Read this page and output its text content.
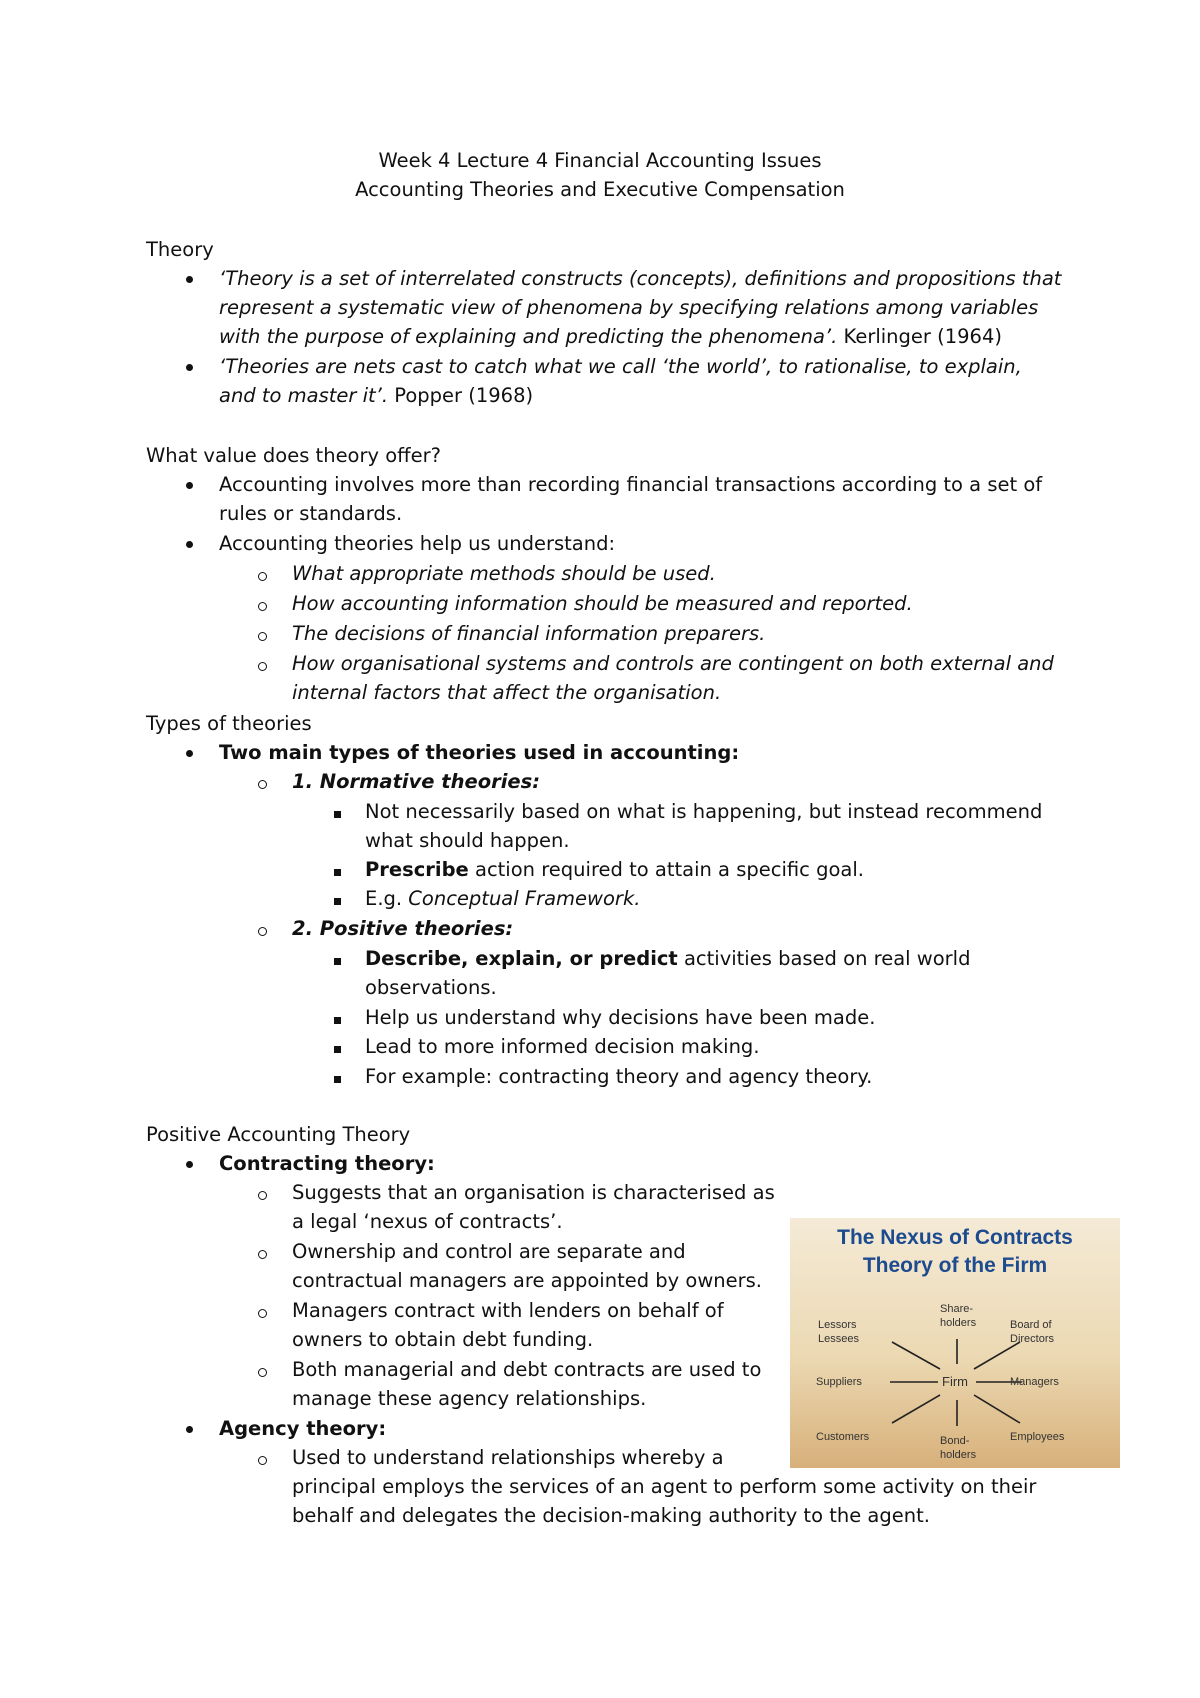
Week 4 Lecture 4 Financial Accounting Issues
Accounting Theories and Executive Compensation
Theory
‘Theory is a set of interrelated constructs (concepts), definitions and propositions that
represent a systematic view of phenomena by specifying relations among variables
with the purpose of explaining and predicting the phenomena’. Kerlinger (1964)
‘Theories are nets cast to catch what we call ‘the world’, to rationalise, to explain,
and to master it’. Popper (1968)
What value does theory offer?
Accounting involves more than recording financial transactions according to a set of
rules or standards.
Accounting theories help us understand:
What appropriate methods should be used.
How accounting information should be measured and reported.
The decisions of financial information preparers.
How organisational systems and controls are contingent on both external and
internal factors that affect the organisation.
Types of theories
Two main types of theories used in accounting:
1. Normative theories:
Not necessarily based on what is happening, but instead recommend
what should happen.
Prescribe action required to attain a specific goal.
E.g. Conceptual Framework.
2. Positive theories:
Describe, explain, or predict activities based on real world
observations.
Help us understand why decisions have been made.
Lead to more informed decision making.
For example: contracting theory and agency theory.
Positive Accounting Theory
Contracting theory:
Suggests that an organisation is characterised as
a legal ‘nexus of contracts’.
Ownership and control are separate and
contractual managers are appointed by owners.
Managers contract with lenders on behalf of
owners to obtain debt funding.
Both managerial and debt contracts are used to
manage these agency relationships.
Agency theory:
Used to understand relationships whereby a
principal employs the services of an agent to perform some activity on their
behalf and delegates the decision-making authority to the agent.
The Nexus of Contracts
Theory of the Firm
Firm
Share-
holders
Lessors
Lessees
Board of
Directors
Suppliers	Managers
Customers	Employees
Bond-
holders
